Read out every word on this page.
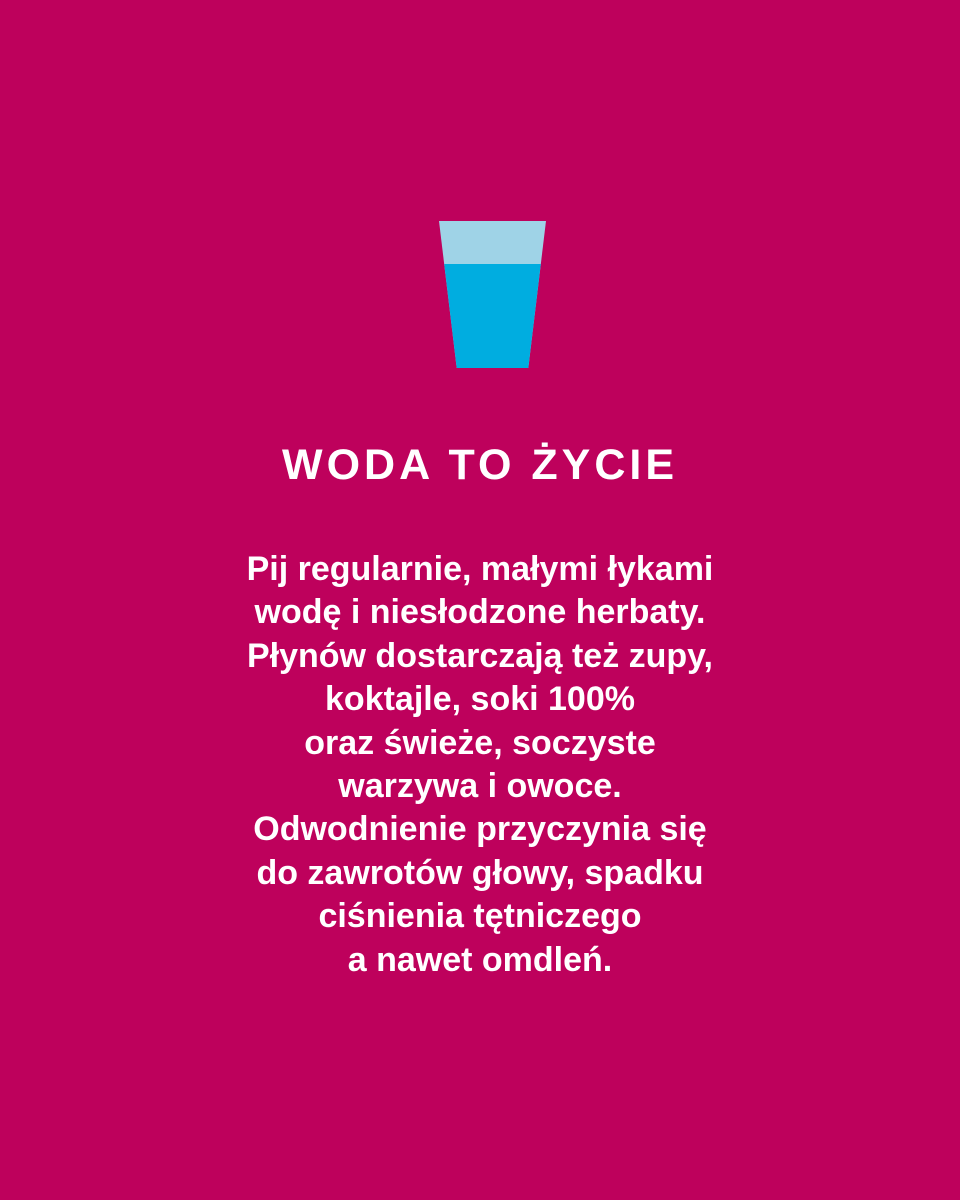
WODA TO ŻYCIE
Pij regularnie, małymi łykami
wodę i niesłodzone herbaty.
Płynów dostarczają też zupy,
koktajle, soki 100%
oraz świeże, soczyste
warzywa i owoce.
Odwodnienie przyczynia się
do zawrotów głowy, spadku
ciśnienia tętniczego
a nawet omdleń.
